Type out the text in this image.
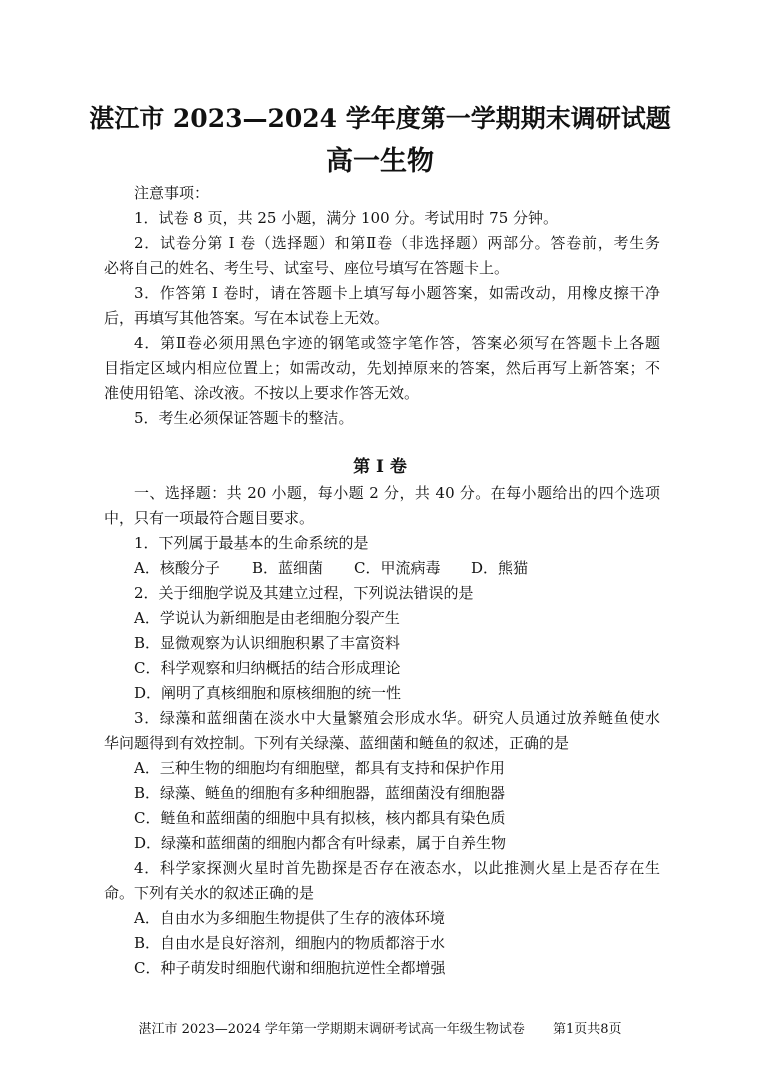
湛江市 2023—2024 学年度第一学期期末调研试题
高一生物
注意事项：
1．试卷 8 页，共 25 小题，满分 100 分。考试用时 75 分钟。
2．试卷分第 I 卷（选择题）和第Ⅱ卷（非选择题）两部分。答卷前，考生务
必将自己的姓名、考生号、试室号、座位号填写在答题卡上。
3．作答第 I 卷时，请在答题卡上填写每小题答案，如需改动，用橡皮擦干净
后，再填写其他答案。写在本试卷上无效。
4．第Ⅱ卷必须用黑色字迹的钢笔或签字笔作答，答案必须写在答题卡上各题
目指定区域内相应位置上；如需改动，先划掉原来的答案，然后再写上新答案；不
准使用铅笔、涂改液。不按以上要求作答无效。
5．考生必须保证答题卡的整洁。
第 I 卷
一、选择题：共 20 小题，每小题 2 分，共 40 分。在每小题给出的四个选项
中，只有一项最符合题目要求。
1．下列属于最基本的生命系统的是
A．核酸分子 B．蓝细菌 C．甲流病毒 D．熊猫
2．关于细胞学说及其建立过程，下列说法错误的是
A．学说认为新细胞是由老细胞分裂产生
B．显微观察为认识细胞积累了丰富资料
C．科学观察和归纳概括的结合形成理论
D．阐明了真核细胞和原核细胞的统一性
3．绿藻和蓝细菌在淡水中大量繁殖会形成水华。研究人员通过放养鲢鱼使水
华问题得到有效控制。下列有关绿藻、蓝细菌和鲢鱼的叙述，正确的是
A．三种生物的细胞均有细胞壁，都具有支持和保护作用
B．绿藻、鲢鱼的细胞有多种细胞器，蓝细菌没有细胞器
C．鲢鱼和蓝细菌的细胞中具有拟核，核内都具有染色质
D．绿藻和蓝细菌的细胞内都含有叶绿素，属于自养生物
4．科学家探测火星时首先勘探是否存在液态水，以此推测火星上是否存在生
命。下列有关水的叙述正确的是
A．自由水为多细胞生物提供了生存的液体环境
B．自由水是良好溶剂，细胞内的物质都溶于水
C．种子萌发时细胞代谢和细胞抗逆性全都增强
湛江市 2023—2024 学年第一学期期末调研考试高一年级生物试卷 第1页共8页
